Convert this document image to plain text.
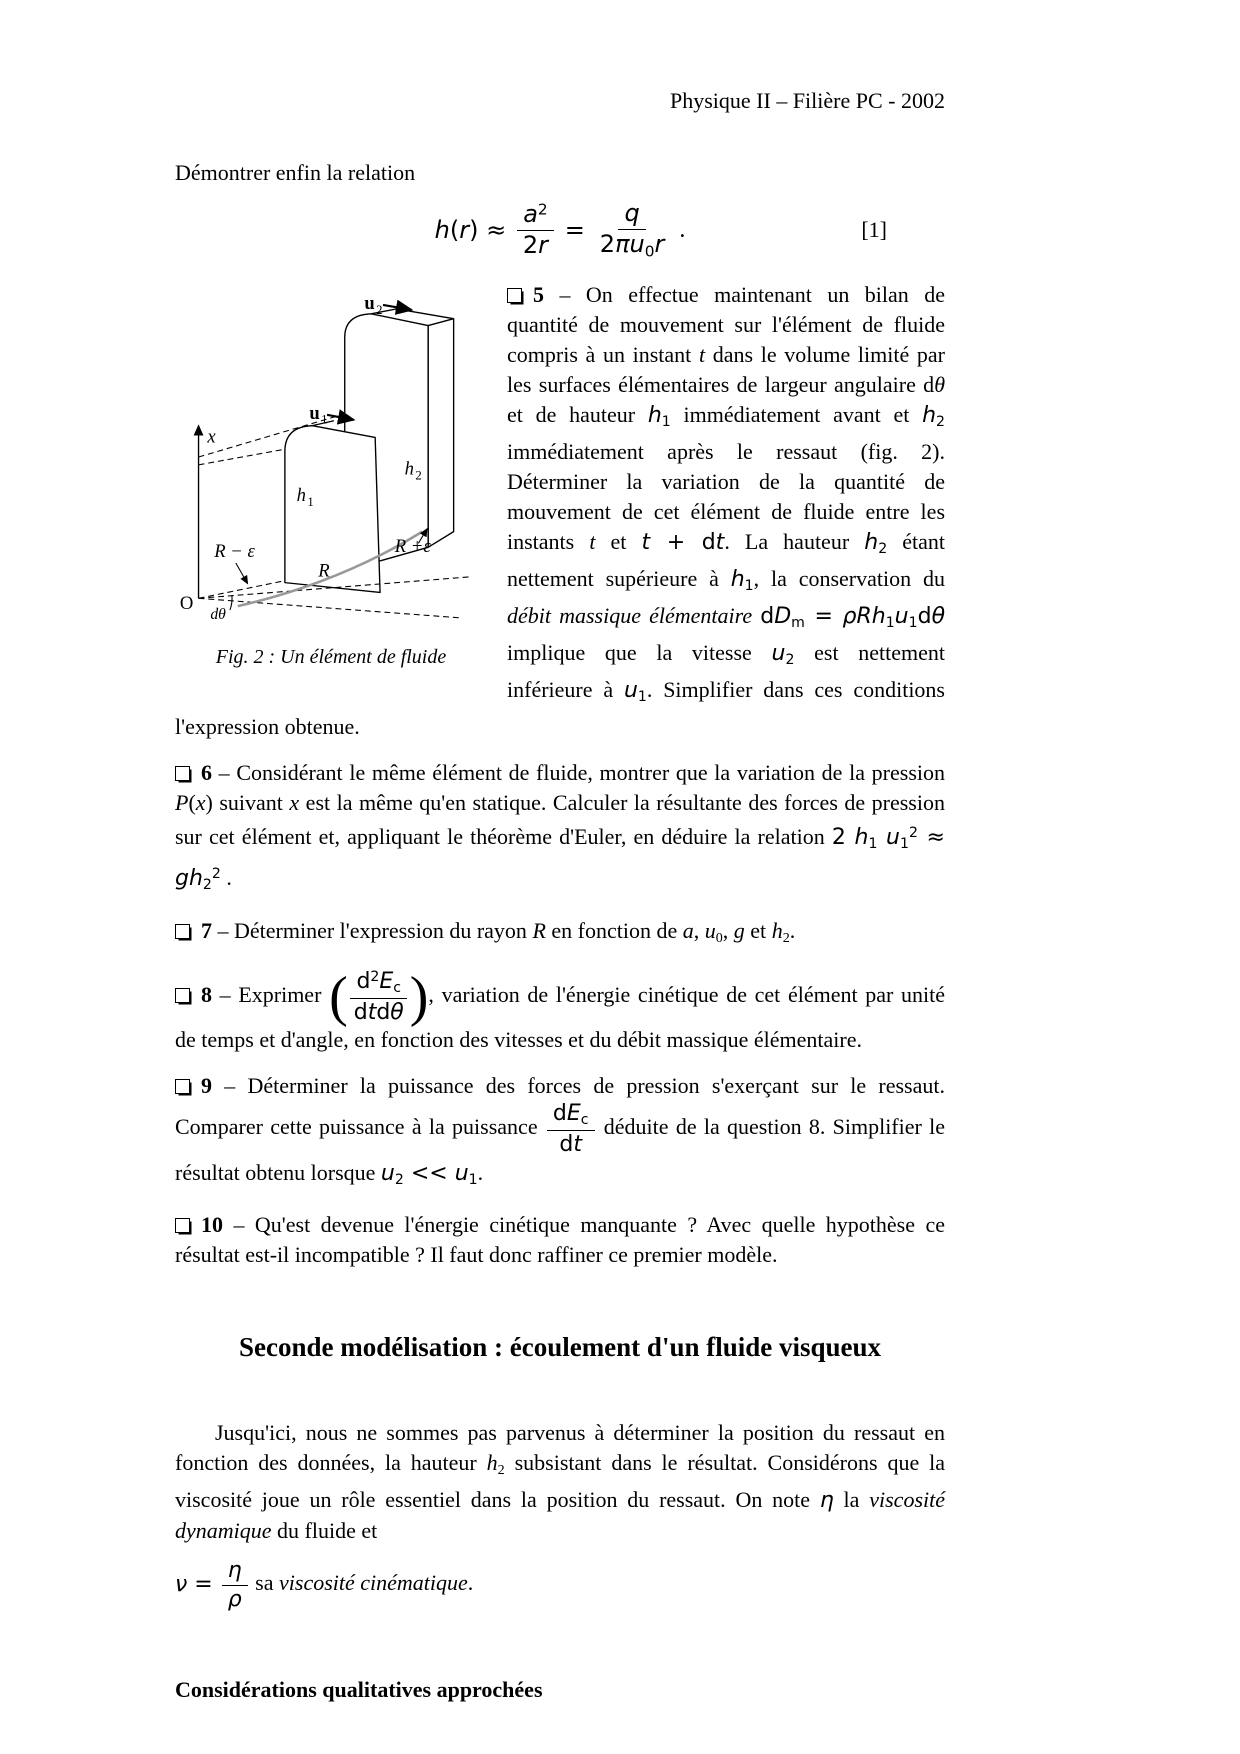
Physique II – Filière PC - 2002

Démontrer enfin la relation

$h(r) \approx \frac{a^2}{2r} = \frac{q}{2\pi u0r}$ .	[1]
x
O
dθ
R − ε
R
R +ε
h 1
h 2
u 1
u 2
Fig. 2 : Un élément de fluide

5 – On effectue maintenant un bilan de quantité de mouvement sur l'élément de fluide compris à un instant t dans le volume limité par les surfaces élémentaires de largeur angulaire dθ et de hauteur h1 immédiatement avant et h2 immédiatement après le ressaut (fig. 2). Déterminer la variation de la quantité de mouvement de cet élément de fluide entre les instants t et t + dt. La hauteur h2 étant nettement supérieure à h1, la conservation du débit massique élémentaire dDm = ρRh1u1dθ implique que la vitesse u2 est nettement inférieure à u1. Simplifier dans ces conditions l'expression obtenue.

6 – Considérant le même élément de fluide, montrer que la variation de la pression P(x) suivant x est la même qu'en statique. Calculer la résultante des forces de pression sur cet élément et, appliquant le théorème d'Euler, en déduire la relation 2 h1 $u1^2 \approx gh2^2$ .

7 – Déterminer l'expression du rayon R en fonction de a, u0, g et h2.

8 – Exprimer ( $\frac{d^2Ec}{\text{dtdθ}}$ ), variation de l'énergie cinétique de cet élément par unité de temps et d'angle, en fonction des vitesses et du débit massique élémentaire.

9 – Déterminer la puissance des forces de pression s'exerçant sur le ressaut. Comparer cette puissance à la puissance $\frac{\text{dEc}}{dt}$ déduite de la question 8. Simplifier le résultat obtenu lorsque u2 << u1.

10 – Qu'est devenue l'énergie cinétique manquante ? Avec quelle hypothèse ce résultat est-il incompatible ? Il faut donc raffiner ce premier modèle.

Seconde modélisation : écoulement d'un fluide visqueux

Jusqu'ici, nous ne sommes pas parvenus à déterminer la position du ressaut en fonction des données, la hauteur h2 subsistant dans le résultat. Considérons que la viscosité joue un rôle essentiel dans la position du ressaut. On note η la viscosité dynamique du fluide et

$\nu = \frac{\eta}{\rho}$ sa viscosité cinématique.

Considérations qualitatives approchées
